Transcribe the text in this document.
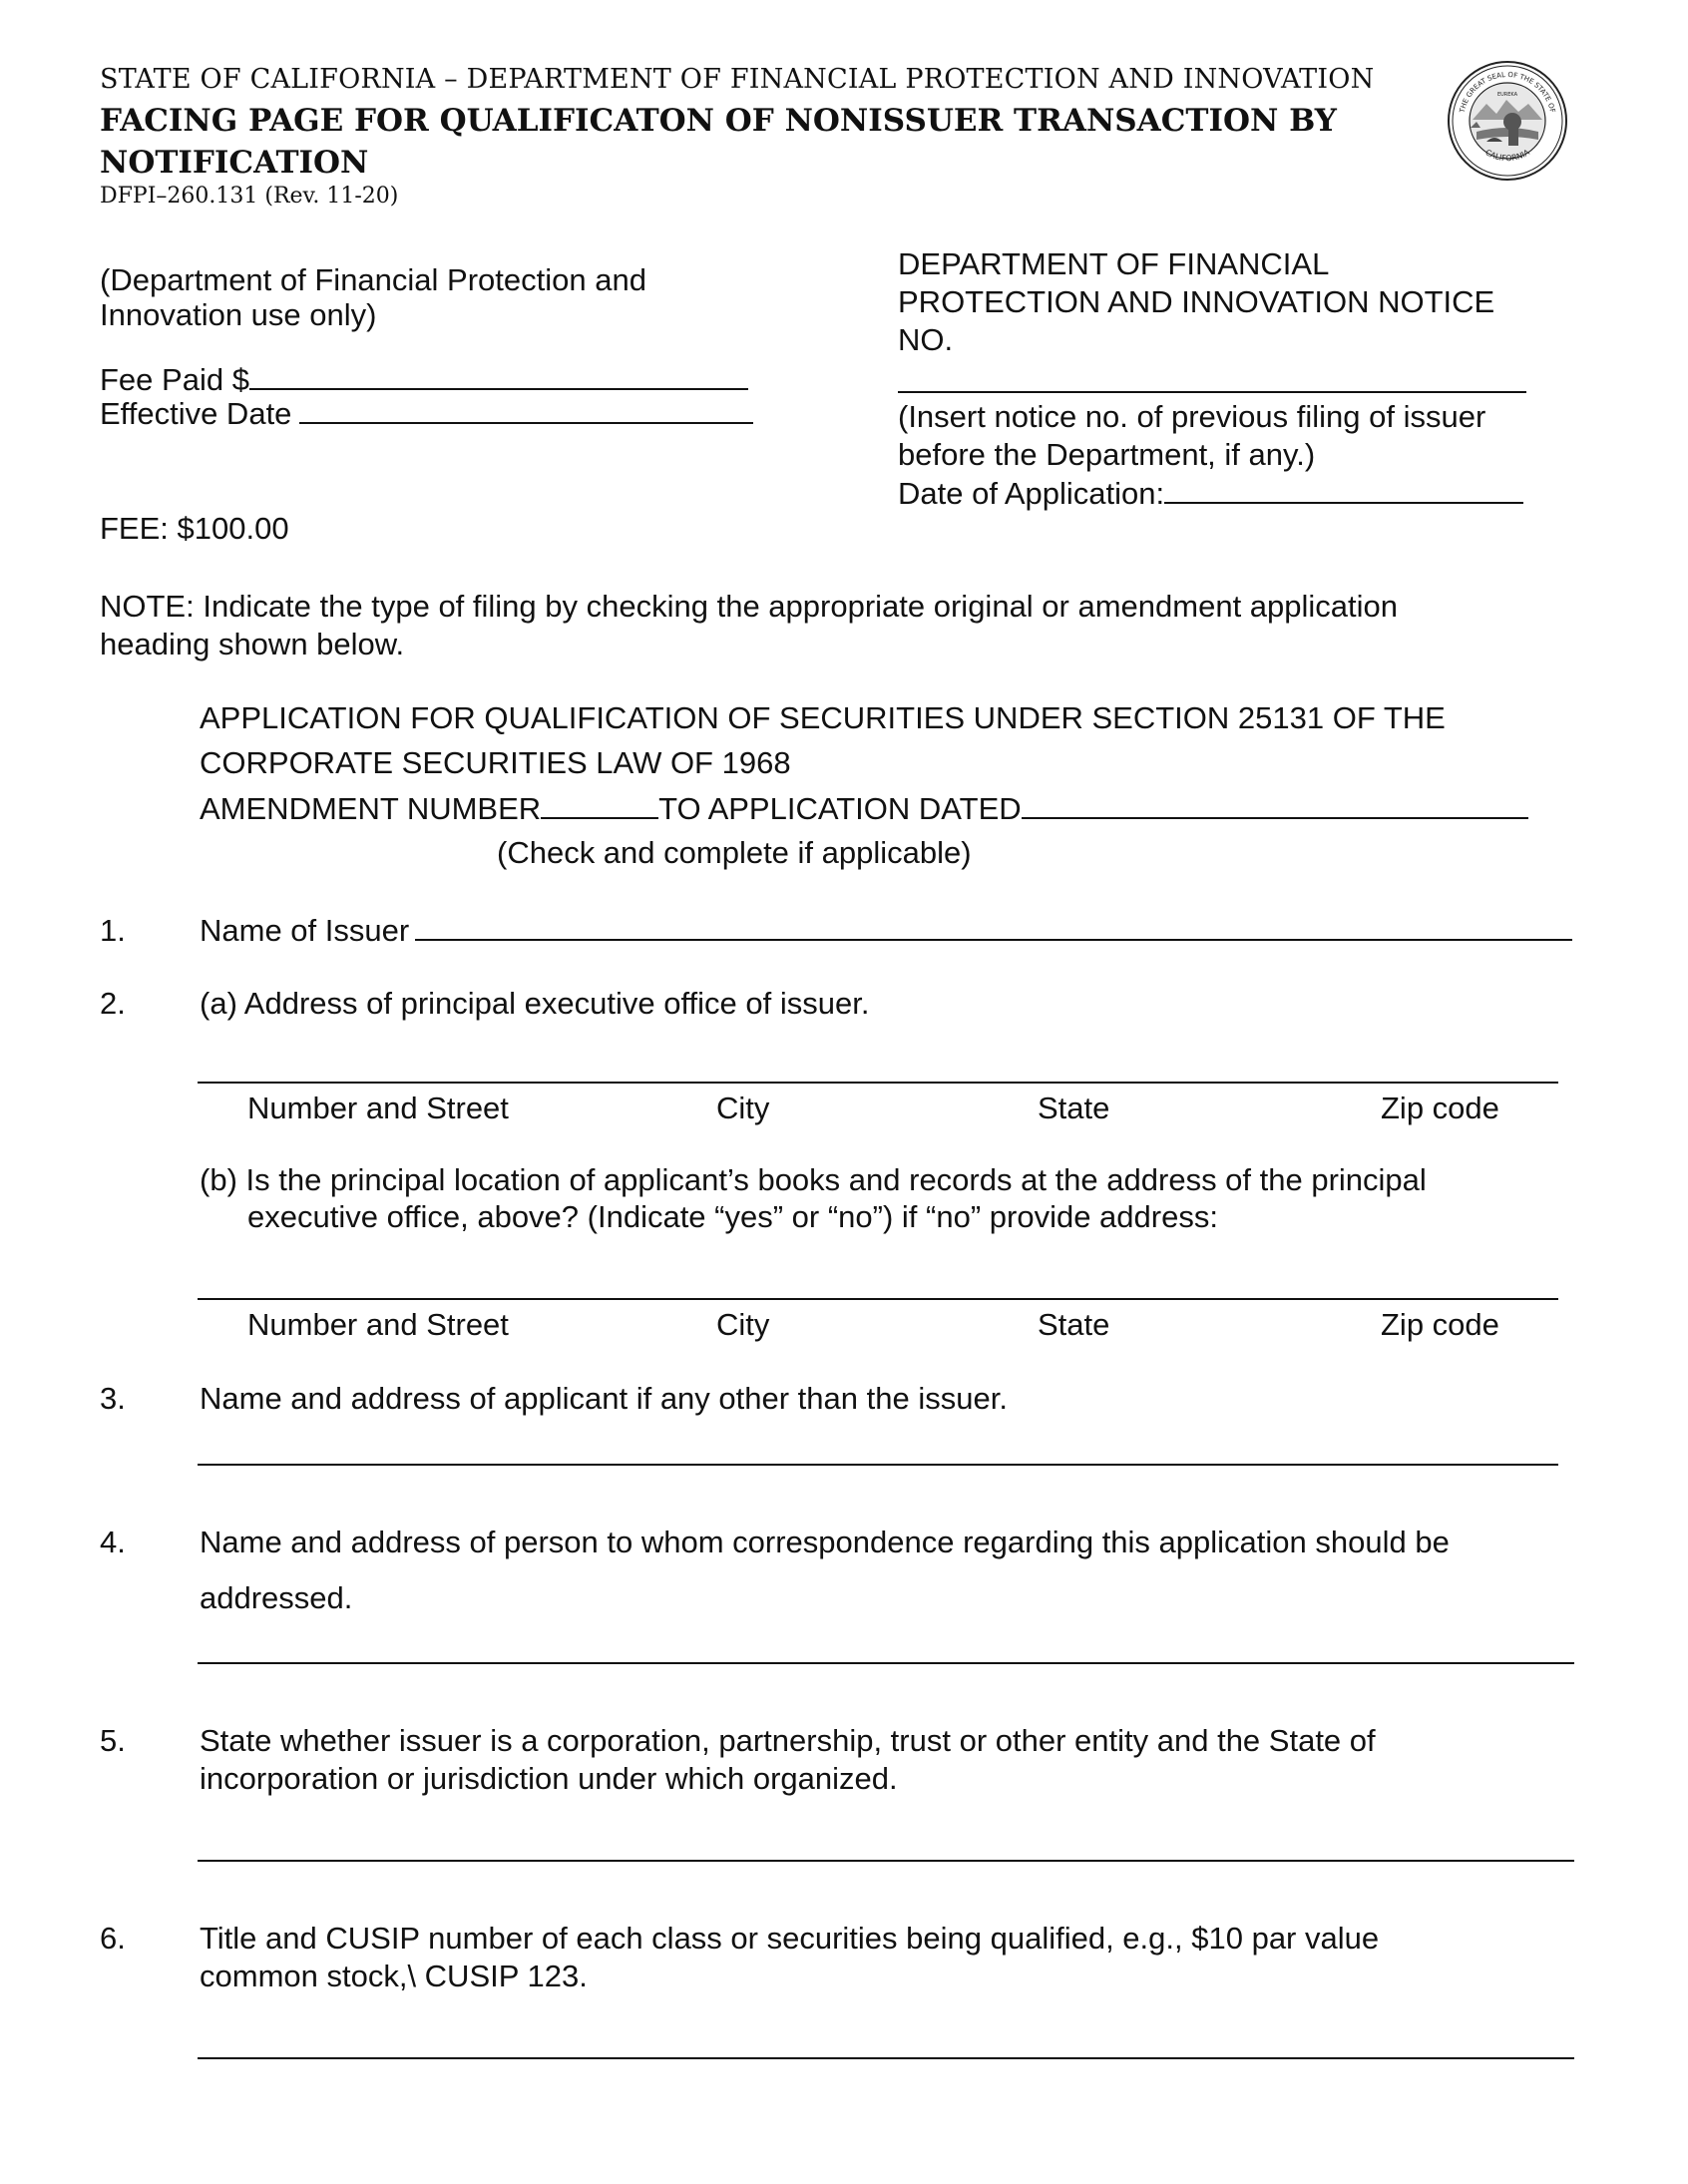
STATE OF CALIFORNIA – DEPARTMENT OF FINANCIAL PROTECTION AND INNOVATION
FACING PAGE FOR QUALIFICATON OF NONISSUER TRANSACTION BY
NOTIFICATION
DFPI–260.131 (Rev. 11-20)
THE GREAT SEAL OF THE STATE OF
CALIFORNIA
EUREKA
(Department of Financial Protection and
Innovation use only)
Fee Paid $
Effective Date
FEE: $100.00
DEPARTMENT OF FINANCIAL
PROTECTION AND INNOVATION NOTICE
NO.
(Insert notice no. of previous filing of issuer
before the Department, if any.)
Date of Application:
NOTE: Indicate the type of filing by checking the appropriate original or amendment application
heading shown below.
APPLICATION FOR QUALIFICATION OF SECURITIES UNDER SECTION 25131 OF THE
CORPORATE SECURITIES LAW OF 1968
AMENDMENT NUMBER	TO APPLICATION DATED
(Check and complete if applicable)
1. Name of Issuer
2. (a) Address of principal executive office of issuer.
Number and Street	City	State	Zip code
(b) Is the principal location of applicant’s books and records at the address of the principal
executive office, above? (Indicate “yes” or “no”) if “no” provide address:
Number and Street	City	State	Zip code
3. Name and address of applicant if any other than the issuer.
4. Name and address of person to whom correspondence regarding this application should be
addressed.
5. State whether issuer is a corporation, partnership, trust or other entity and the State of
incorporation or jurisdiction under which organized.
6. Title and CUSIP number of each class or securities being qualified, e.g., $10 par value
common stock,\ CUSIP 123.
